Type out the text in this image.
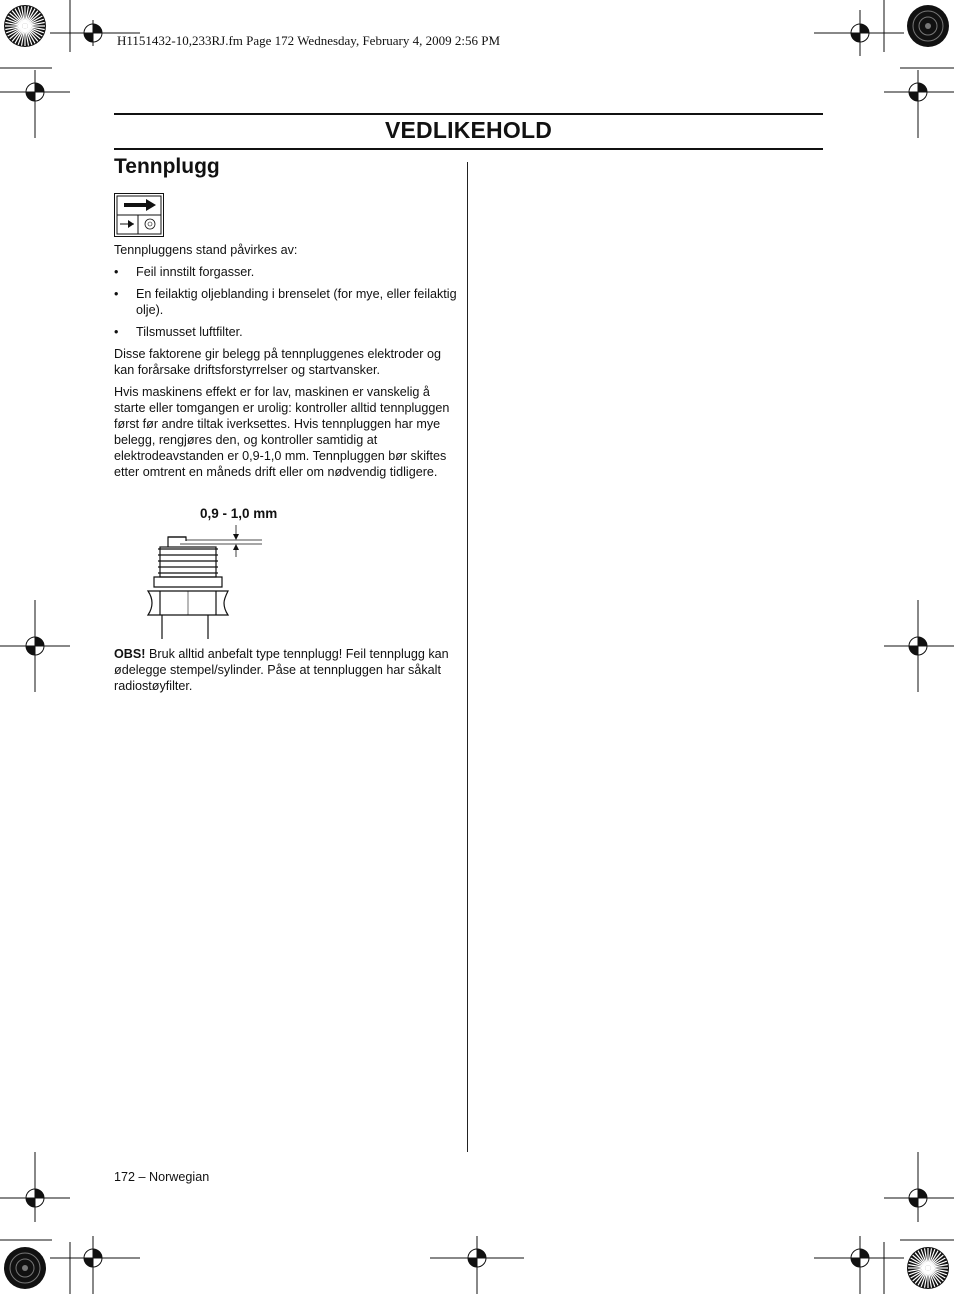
H1151432-10,233RJ.fm Page 172 Wednesday, February 4, 2009 2:56 PM
VEDLIKEHOLD
Tennplugg
Tennpluggens stand påvirkes av:
•	Feil innstilt forgasser.
•	En feilaktig oljeblanding i brenselet (for mye, eller feilaktig olje).
•	Tilsmusset luftfilter.
Disse faktorene gir belegg på tennpluggenes elektroder og kan forårsake driftsforstyrrelser og startvansker.
Hvis maskinens effekt er for lav, maskinen er vanskelig å starte eller tomgangen er urolig: kontroller alltid tennpluggen først før andre tiltak iverksettes. Hvis tennpluggen har mye belegg, rengjøres den, og kontroller samtidig at elektrodeavstanden er 0,9-1,0 mm. Tennpluggen bør skiftes etter omtrent en måneds drift eller om nødvendig tidligere.
0,9 - 1,0 mm
OBS! Bruk alltid anbefalt type tennplugg! Feil tennplugg kan ødelegge stempel/sylinder. Påse at tennpluggen har såkalt radiostøyfilter.
172 – Norwegian
